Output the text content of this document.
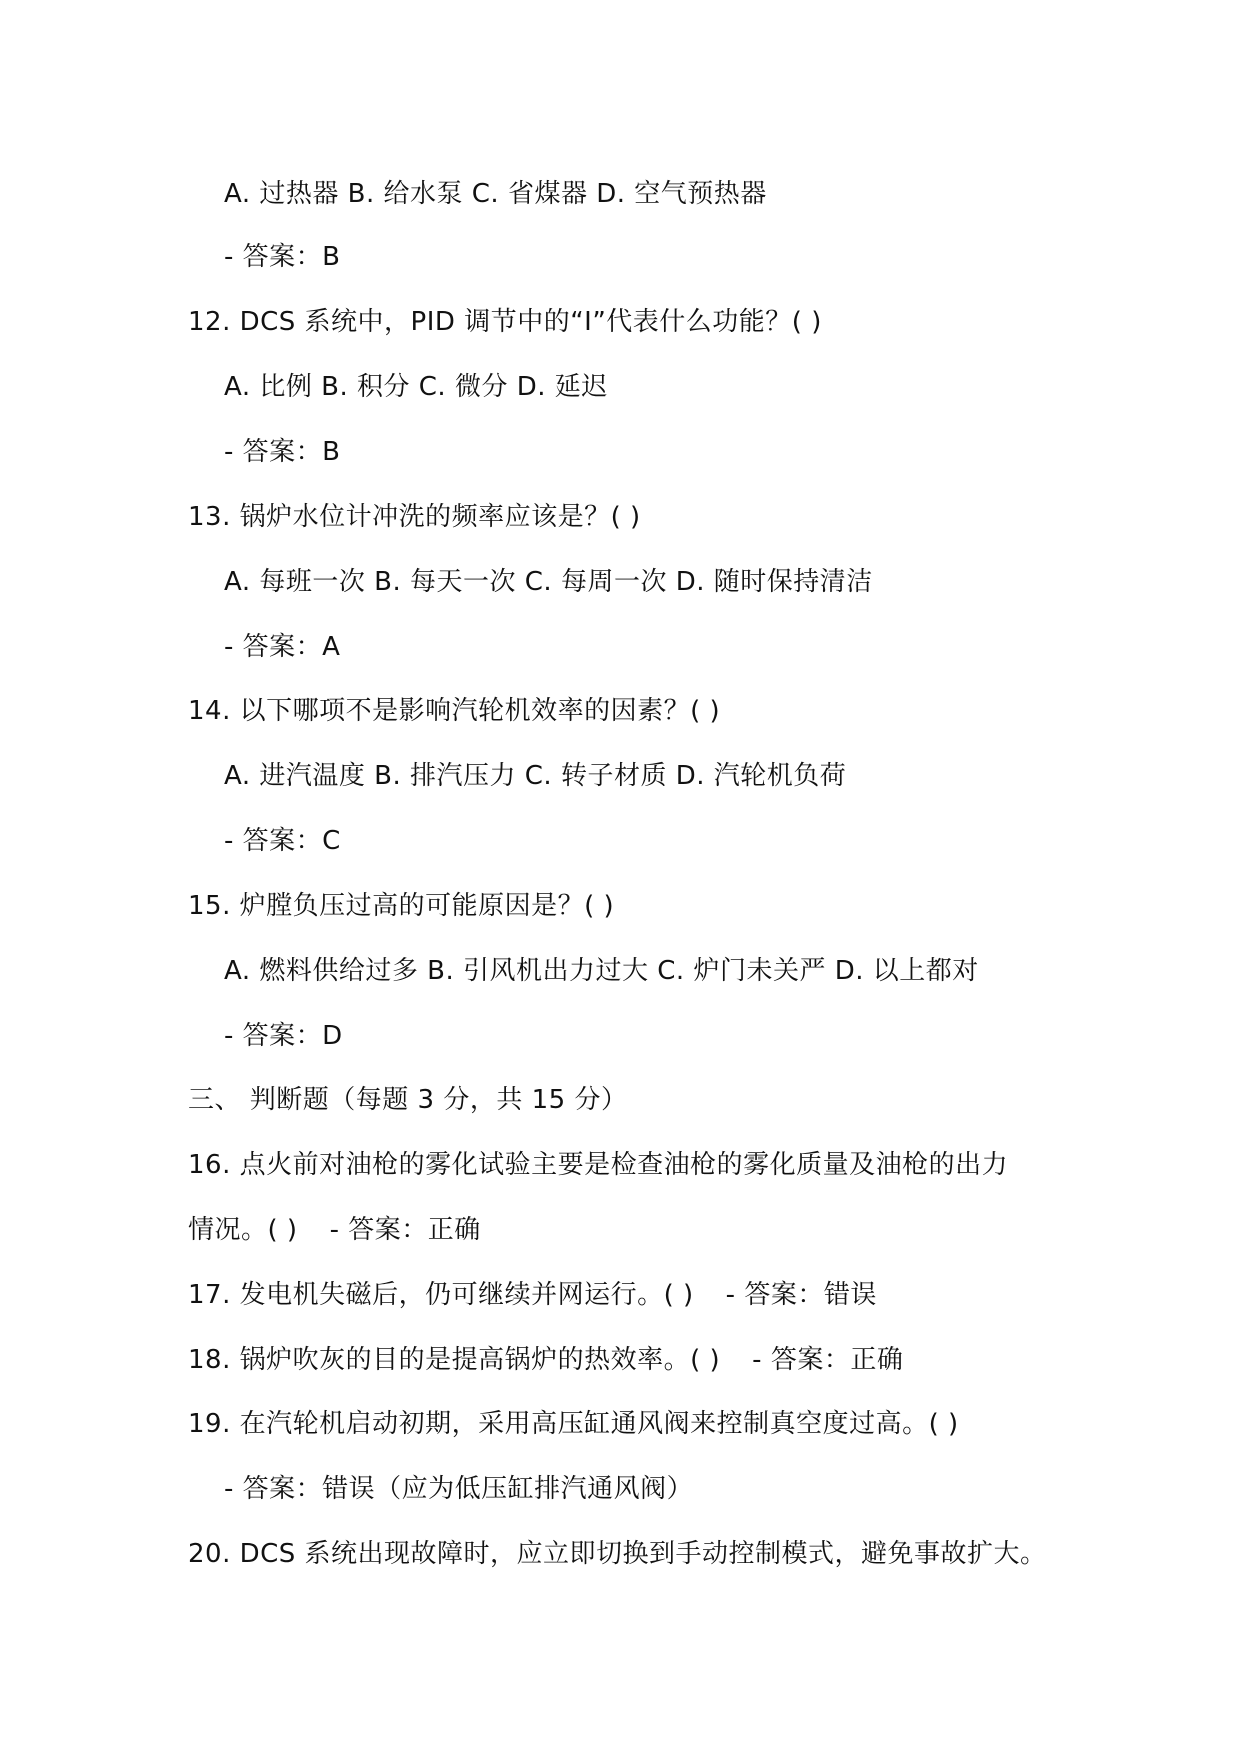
A. 过热器 B. 给水泵 C. 省煤器 D. 空气预热器
- 答案：B
12. DCS 系统中，PID 调节中的“I”代表什么功能？( )
A. 比例 B. 积分 C. 微分 D. 延迟
- 答案：B
13. 锅炉水位计冲洗的频率应该是？( )
A. 每班一次 B. 每天一次 C. 每周一次 D. 随时保持清洁
- 答案：A
14. 以下哪项不是影响汽轮机效率的因素？( )
A. 进汽温度 B. 排汽压力 C. 转子材质 D. 汽轮机负荷
- 答案：C
15. 炉膛负压过高的可能原因是？( )
A. 燃料供给过多 B. 引风机出力过大 C. 炉门未关严 D. 以上都对
- 答案：D
三、 判断题（每题 3 分，共 15 分）
16. 点火前对油枪的雾化试验主要是检查油枪的雾化质量及油枪的出力
情况。( ) - 答案：正确
17. 发电机失磁后，仍可继续并网运行。( ) - 答案：错误
18. 锅炉吹灰的目的是提高锅炉的热效率。( ) - 答案：正确
19. 在汽轮机启动初期，采用高压缸通风阀来控制真空度过高。( )
- 答案：错误（应为低压缸排汽通风阀）
20. DCS 系统出现故障时，应立即切换到手动控制模式，避免事故扩大。
